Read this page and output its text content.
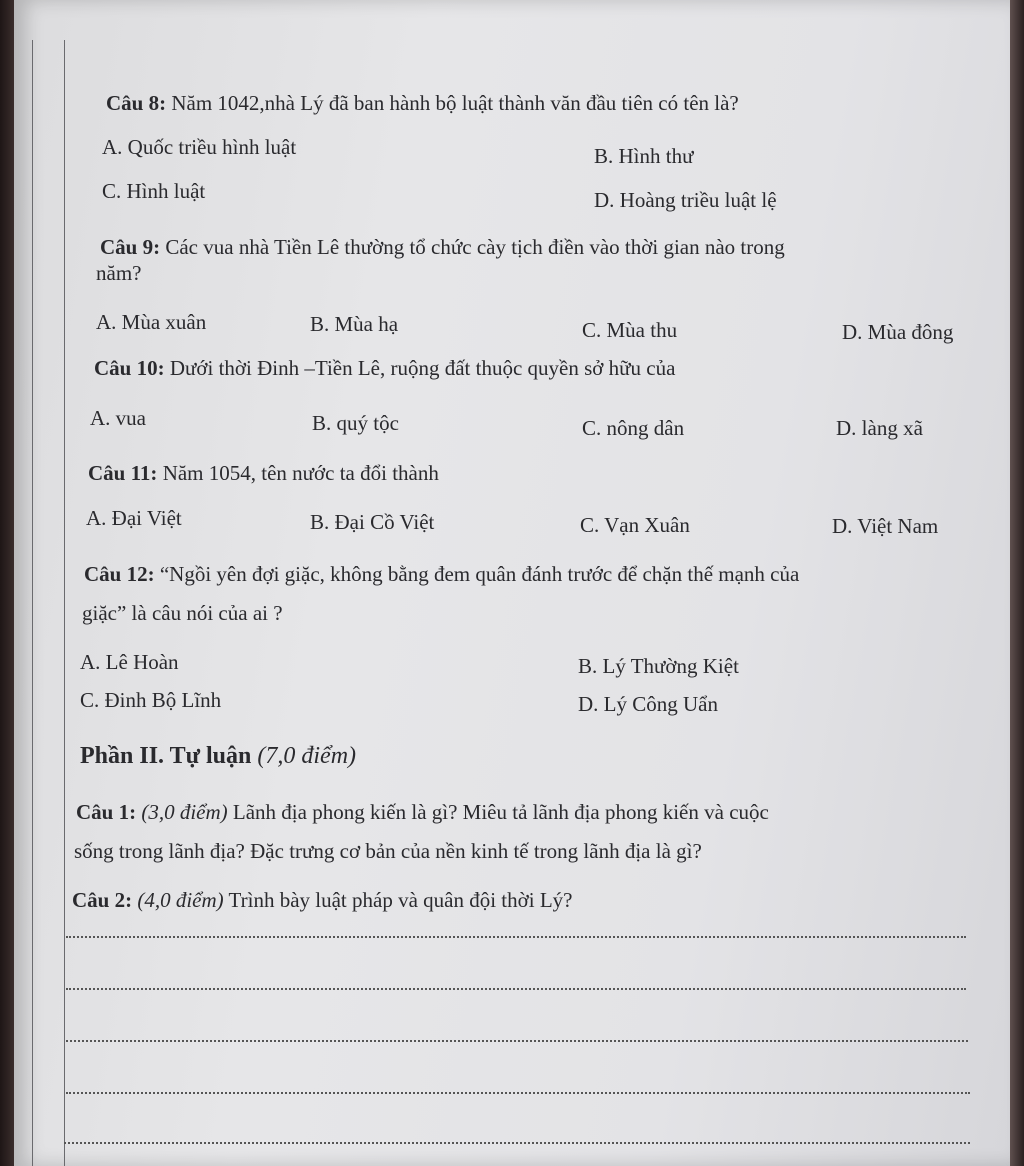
Câu 8: Năm 1042,nhà Lý đã ban hành bộ luật thành văn đầu tiên có tên là?
A. Quốc triều hình luật	B. Hình thư
C. Hình luật	D. Hoàng triều luật lệ
Câu 9: Các vua nhà Tiền Lê thường tổ chức cày tịch điền vào thời gian nào trong
năm?
A. Mùa xuân	B. Mùa hạ	C. Mùa thu	D. Mùa đông
Câu 10: Dưới thời Đinh –Tiền Lê, ruộng đất thuộc quyền sở hữu của
A. vua	B. quý tộc	C. nông dân	D. làng xã
Câu 11: Năm 1054, tên nước ta đổi thành
A. Đại Việt	B. Đại Cồ Việt	C. Vạn Xuân	D. Việt Nam
Câu 12: “Ngồi yên đợi giặc, không bằng đem quân đánh trước để chặn thế mạnh của
giặc” là câu nói của ai ?
A. Lê Hoàn	B. Lý Thường Kiệt
C. Đinh Bộ Lĩnh	D. Lý Công Uẩn
Phần II. Tự luận (7,0 điểm)
Câu 1: (3,0 điểm) Lãnh địa phong kiến là gì? Miêu tả lãnh địa phong kiến và cuộc
sống trong lãnh địa? Đặc trưng cơ bản của nền kinh tế trong lãnh địa là gì?
Câu 2: (4,0 điểm) Trình bày luật pháp và quân đội thời Lý?
